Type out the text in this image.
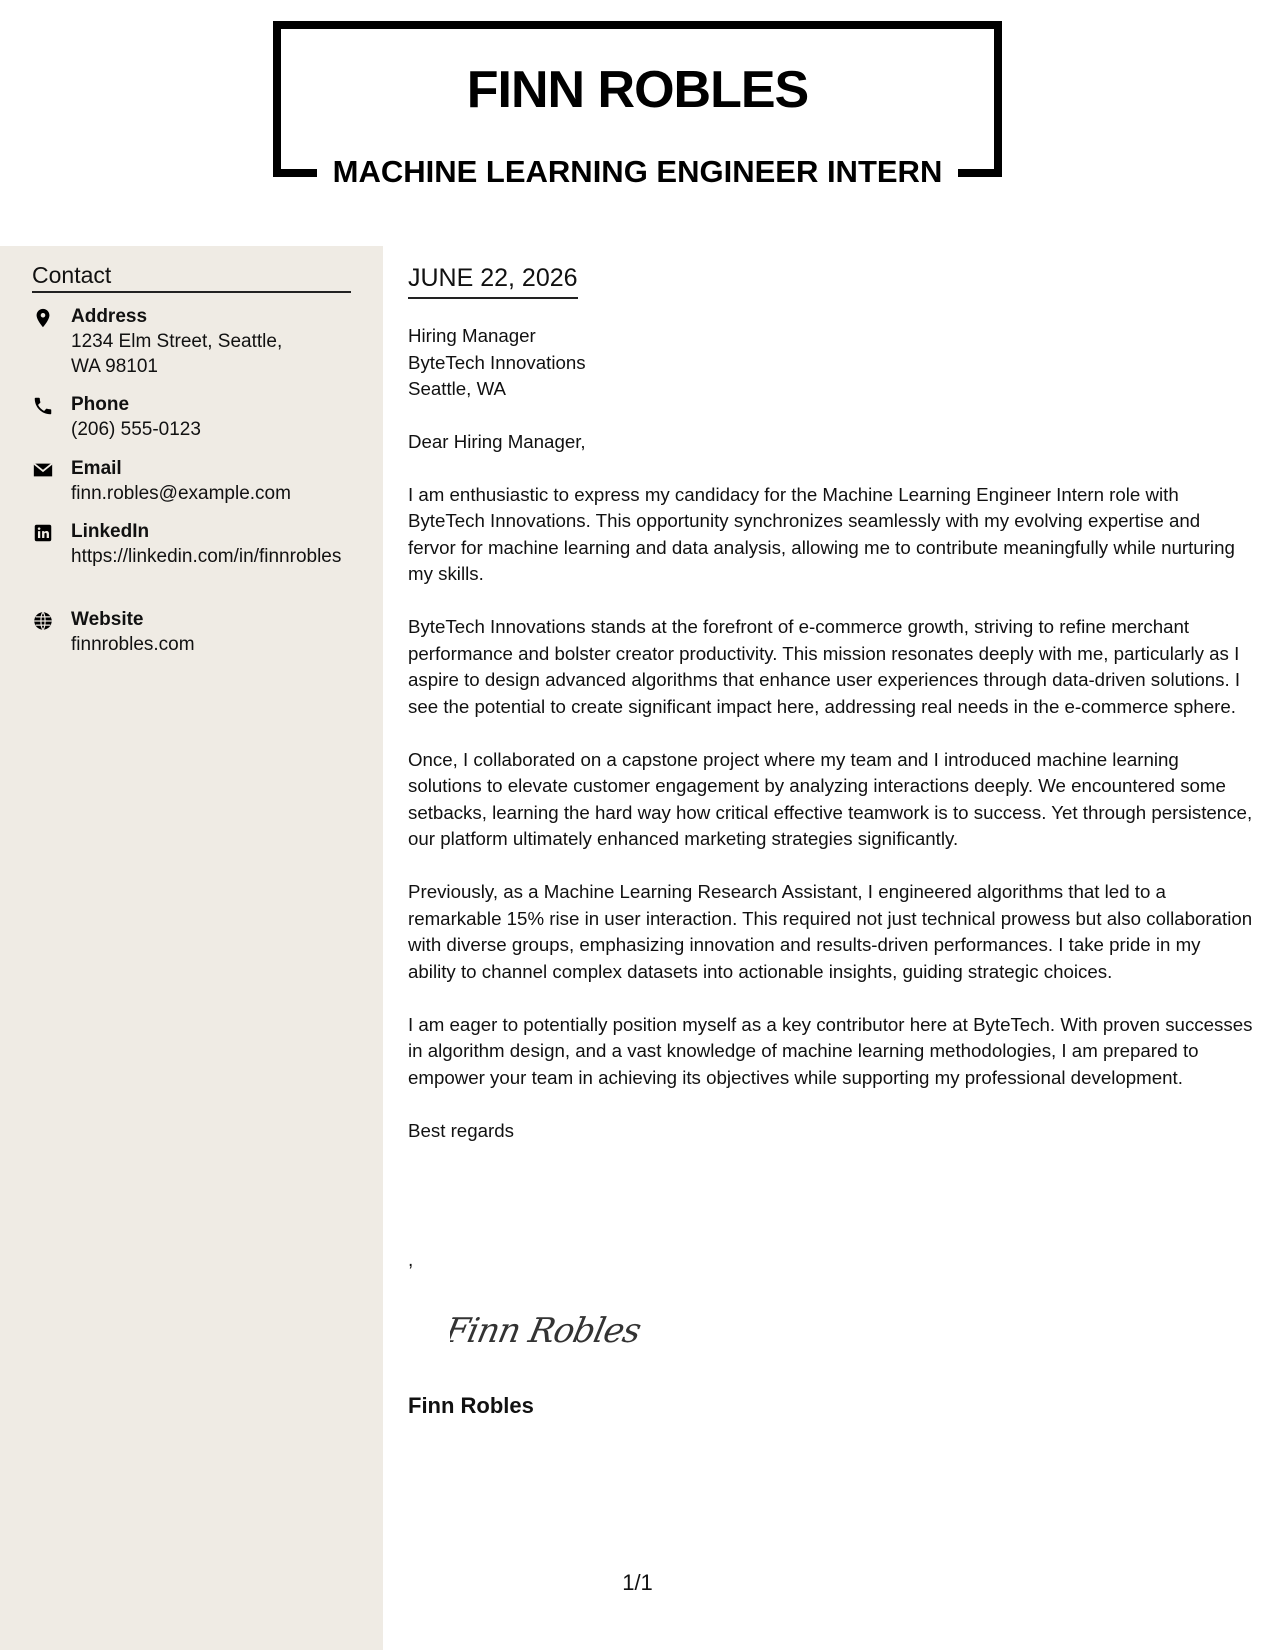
FINN ROBLES
MACHINE LEARNING ENGINEER INTERN
Contact
Address
1234 Elm Street, Seattle, WA 98101
Phone
(206) 555-0123
Email
finn.robles@example.com
LinkedIn
https://linkedin.com/in/finnrobles
Website
finnrobles.com
JUNE 22, 2026
Hiring Manager
ByteTech Innovations
Seattle, WA

Dear Hiring Manager,

I am enthusiastic to express my candidacy for the Machine Learning Engineer Intern role with ByteTech Innovations. This opportunity synchronizes seamlessly with my evolving expertise and fervor for machine learning and data analysis, allowing me to contribute meaningfully while nurturing my skills.

ByteTech Innovations stands at the forefront of e-commerce growth, striving to refine merchant performance and bolster creator productivity. This mission resonates deeply with me, particularly as I aspire to design advanced algorithms that enhance user experiences through data-driven solutions. I see the potential to create significant impact here, addressing real needs in the e-commerce sphere.

Once, I collaborated on a capstone project where my team and I introduced machine learning solutions to elevate customer engagement by analyzing interactions deeply. We encountered some setbacks, learning the hard way how critical effective teamwork is to success. Yet through persistence, our platform ultimately enhanced marketing strategies significantly.

Previously, as a Machine Learning Research Assistant, I engineered algorithms that led to a remarkable 15% rise in user interaction. This required not just technical prowess but also collaboration with diverse groups, emphasizing innovation and results-driven performances. I take pride in my ability to channel complex datasets into actionable insights, guiding strategic choices.

I am eager to potentially position myself as a key contributor here at ByteTech. With proven successes in algorithm design, and a vast knowledge of machine learning methodologies, I am prepared to empower your team in achieving its objectives while supporting my professional development.

Best regards

,
Finn Robles
Finn Robles
1/1
